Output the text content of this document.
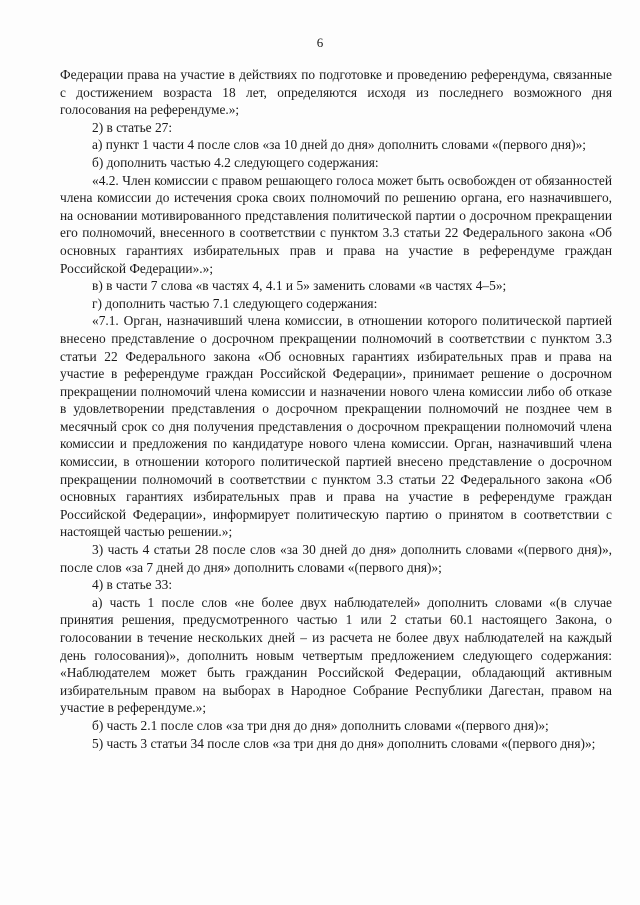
6

Федерации права на участие в действиях по подготовке и проведению референдума, связанные с достижением возраста 18 лет, определяются исходя из последнего возможного дня голосования на референдуме.»;

2) в статье 27:

а) пункт 1 части 4 после слов «за 10 дней до дня» дополнить словами «(первого дня)»;

б) дополнить частью 4.2 следующего содержания:

«4.2. Член комиссии с правом решающего голоса может быть освобожден от обязанностей члена комиссии до истечения срока своих полномочий по решению органа, его назначившего, на основании мотивированного представления политической партии о досрочном прекращении его полномочий, внесенного в соответствии с пунктом 3.3 статьи 22 Федерального закона «Об основных гарантиях избирательных прав и права на участие в референдуме граждан Российской Федерации».»;

в) в части 7 слова «в частях 4, 4.1 и 5» заменить словами «в частях 4–5»;

г) дополнить частью 7.1 следующего содержания:

«7.1. Орган, назначивший члена комиссии, в отношении которого политической партией внесено представление о досрочном прекращении полномочий в соответствии с пунктом 3.3 статьи 22 Федерального закона «Об основных гарантиях избирательных прав и права на участие в референдуме граждан Российской Федерации», принимает решение о досрочном прекращении полномочий члена комиссии и назначении нового члена комиссии либо об отказе в удовлетворении представления о досрочном прекращении полномочий не позднее чем в месячный срок со дня получения представления о досрочном прекращении полномочий члена комиссии и предложения по кандидатуре нового члена комиссии. Орган, назначивший члена комиссии, в отношении которого политической партией внесено представление о досрочном прекращении полномочий в соответствии с пунктом 3.3 статьи 22 Федерального закона «Об основных гарантиях избирательных прав и права на участие в референдуме граждан Российской Федерации», информирует политическую партию о принятом в соответствии с настоящей частью решении.»;

3) часть 4 статьи 28 после слов «за 30 дней до дня» дополнить словами «(первого дня)», после слов «за 7 дней до дня» дополнить словами «(первого дня)»;

4) в статье 33:

а) часть 1 после слов «не более двух наблюдателей» дополнить словами «(в случае принятия решения, предусмотренного частью 1 или 2 статьи 60.1 настоящего Закона, о голосовании в течение нескольких дней – из расчета не более двух наблюдателей на каждый день голосования)», дополнить новым четвертым предложением следующего содержания: «Наблюдателем может быть гражданин Российской Федерации, обладающий активным избирательным правом на выборах в Народное Собрание Республики Дагестан, правом на участие в референдуме.»;

б) часть 2.1 после слов «за три дня до дня» дополнить словами «(первого дня)»;

5) часть 3 статьи 34 после слов «за три дня до дня» дополнить словами «(первого дня)»;
